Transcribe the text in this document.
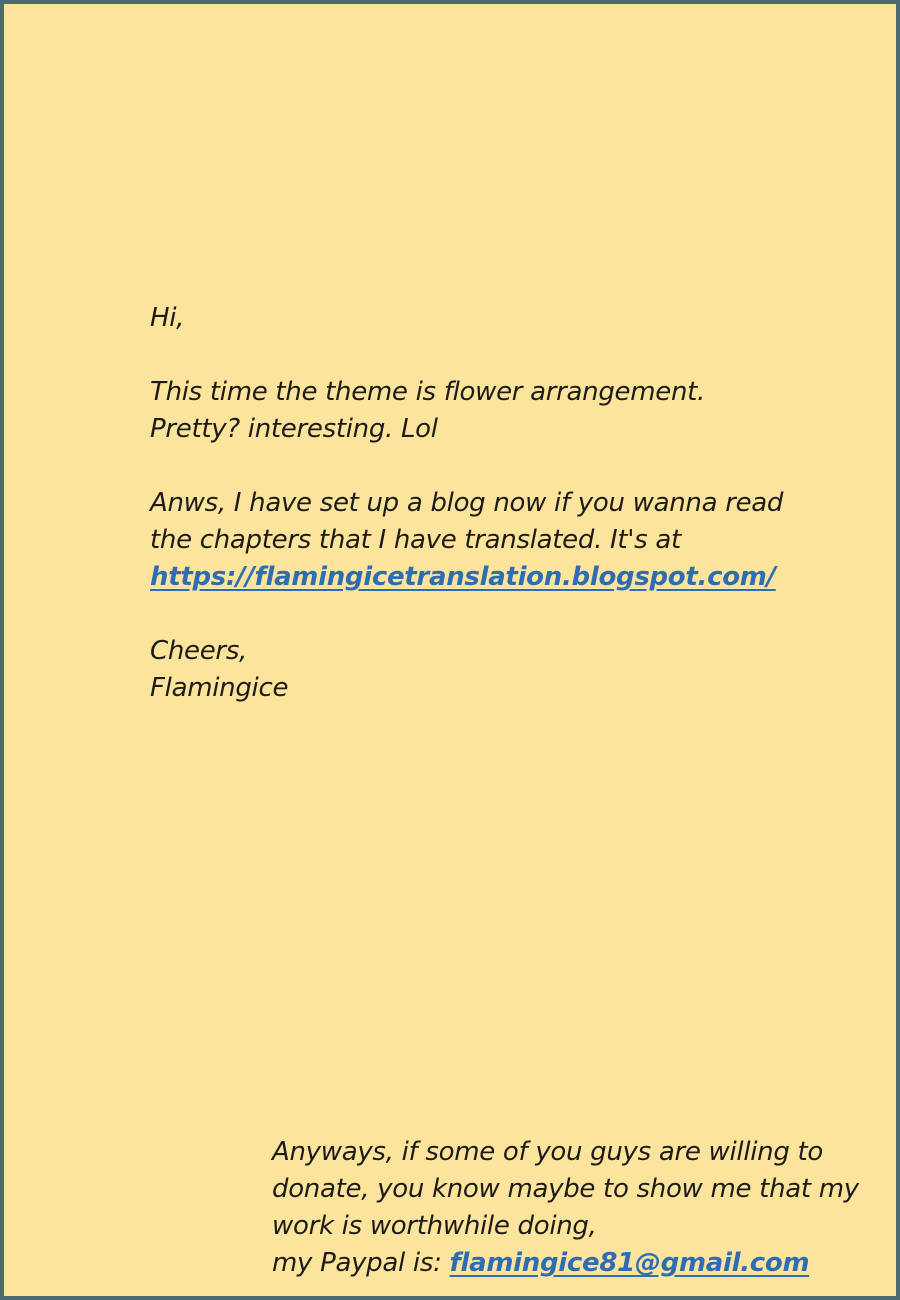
Hi,
This time the theme is flower arrangement.
Pretty? interesting. Lol
Anws, I have set up a blog now if you wanna read
the chapters that I have translated. It's at
https://flamingicetranslation.blogspot.com/
Cheers,
Flamingice
Anyways, if some of you guys are willing to
donate, you know maybe to show me that my
work is worthwhile doing,
my Paypal is: flamingice81@gmail.com
